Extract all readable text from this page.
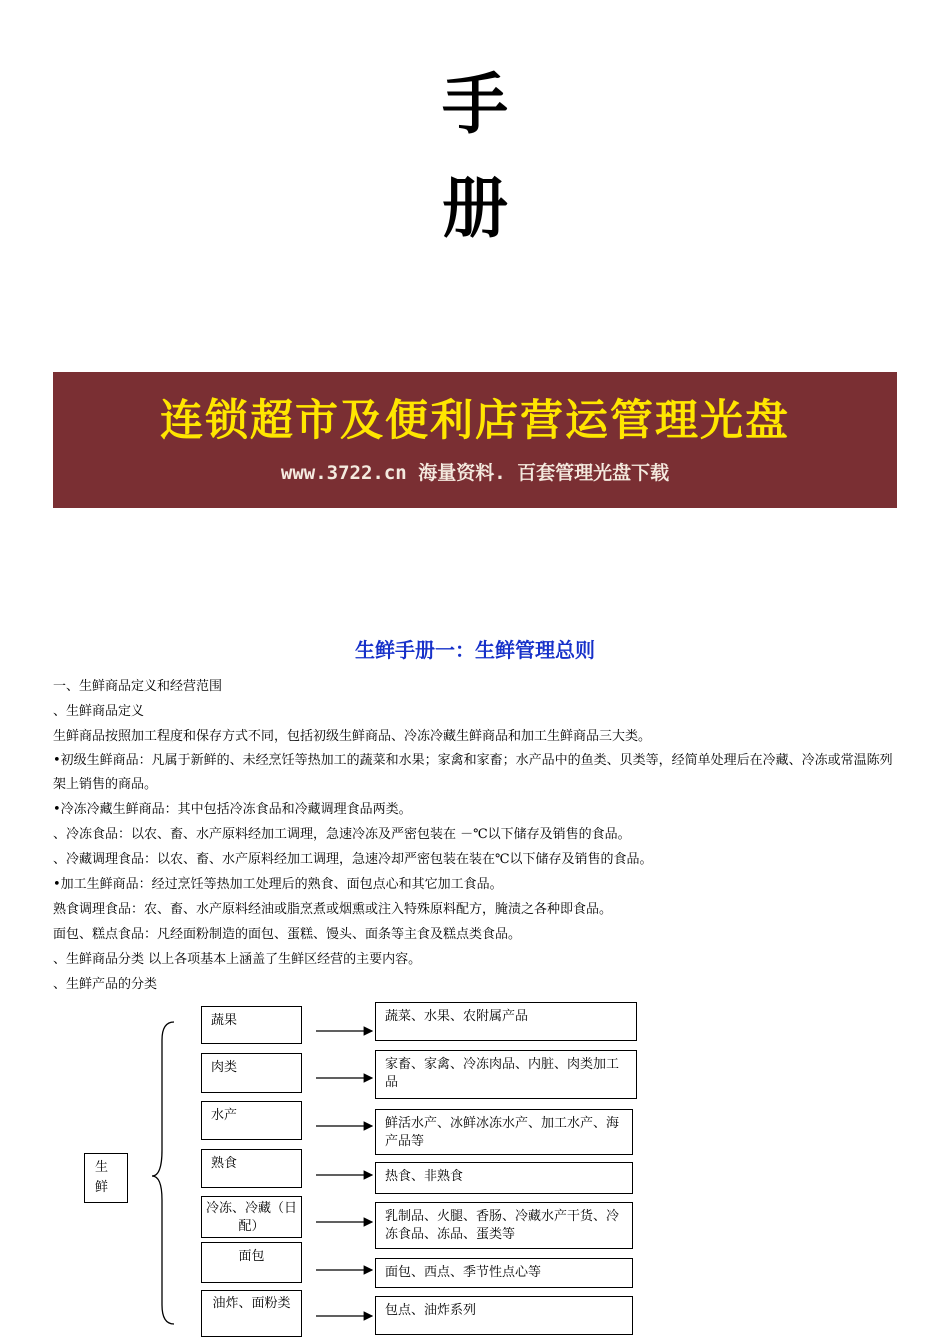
手
册
连锁超市及便利店营运管理光盘
www.3722.cn 海量资料. 百套管理光盘下载
生鲜手册一：生鲜管理总则

一、生鲜商品定义和经营范围

、生鲜商品定义

生鲜商品按照加工程度和保存方式不同，包括初级生鲜商品、冷冻冷藏生鲜商品和加工生鲜商品三大类。

•初级生鲜商品：凡属于新鲜的、未经烹饪等热加工的蔬菜和水果；家禽和家畜；水产品中的鱼类、贝类等，经简单处理后在冷藏、冷冻或常温陈列架上销售的商品。

•冷冻冷藏生鲜商品：其中包括冷冻食品和冷藏调理食品两类。

、冷冻食品：以农、畜、水产原料经加工调理，急速冷冻及严密包装在 －℃以下储存及销售的食品。

、冷藏调理食品：以农、畜、水产原料经加工调理，急速冷却严密包装在装在℃以下储存及销售的食品。

•加工生鲜商品：经过烹饪等热加工处理后的熟食、面包点心和其它加工食品。

熟食调理食品：农、畜、水产原料经油或脂烹煮或烟熏或注入特殊原料配方，腌渍之各种即食品。

面包、糕点食品：凡经面粉制造的面包、蛋糕、馒头、面条等主食及糕点类食品。

、生鲜商品分类 以上各项基本上涵盖了生鲜区经营的主要内容。

、生鲜产品的分类

生
鲜
蔬果
肉类
水产
熟食
冷冻、冷藏（日配）
面包
油炸、面粉类
蔬菜、水果、农附属产品
家畜、家禽、冷冻肉品、内脏、肉类加工品
鲜活水产、冰鲜冰冻水产、加工水产、海产品等
热食、非熟食
乳制品、火腿、香肠、冷藏水产干货、冷冻食品、冻品、蛋类等
面包、西点、季节性点心等
包点、油炸系列
